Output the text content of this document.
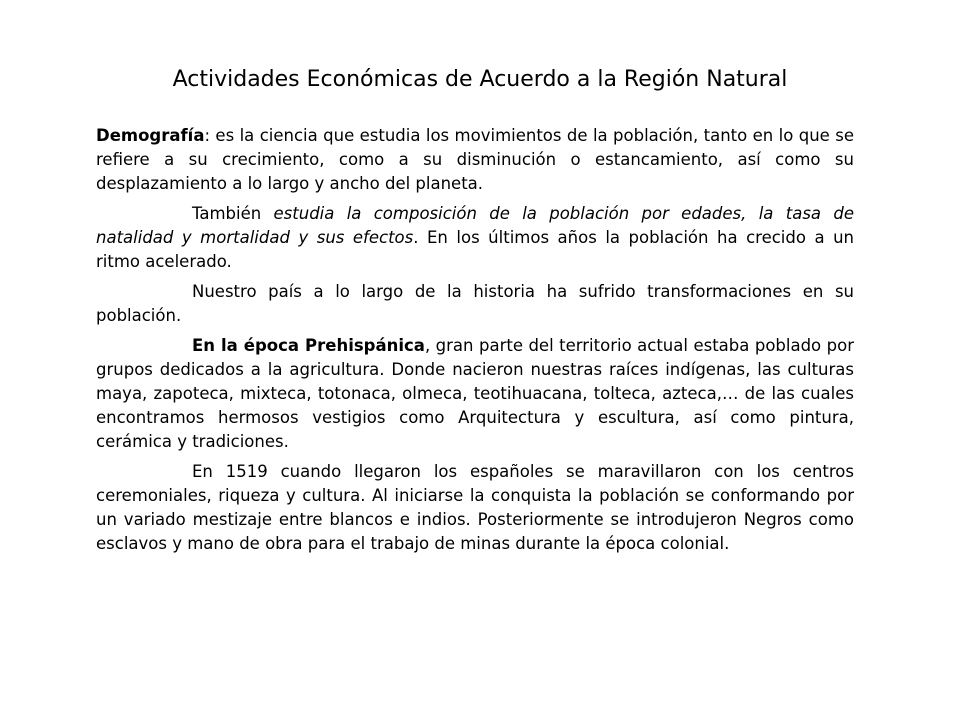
Actividades Económicas de Acuerdo a la Región Natural

Demografía: es la ciencia que estudia los movimientos de la población, tanto en lo que se refiere a su crecimiento, como a su disminución o estancamiento, así como su desplazamiento a lo largo y ancho del planeta.

También estudia la composición de la población por edades, la tasa de natalidad y mortalidad y sus efectos. En los últimos años la población ha crecido a un ritmo acelerado.

Nuestro país a lo largo de la historia ha sufrido transformaciones en su población.

En la época Prehispánica, gran parte del territorio actual estaba poblado por grupos dedicados a la agricultura. Donde nacieron nuestras raíces indígenas, las culturas maya, zapoteca, mixteca, totonaca, olmeca, teotihuacana, tolteca, azteca,… de las cuales encontramos hermosos vestigios como Arquitectura y escultura, así como pintura, cerámica y tradiciones.

En 1519 cuando llegaron los españoles se maravillaron con los centros ceremoniales, riqueza y cultura. Al iniciarse la conquista la población se conformando por un variado mestizaje entre blancos e indios. Posteriormente se introdujeron Negros como esclavos y mano de obra para el trabajo de minas durante la época colonial.
